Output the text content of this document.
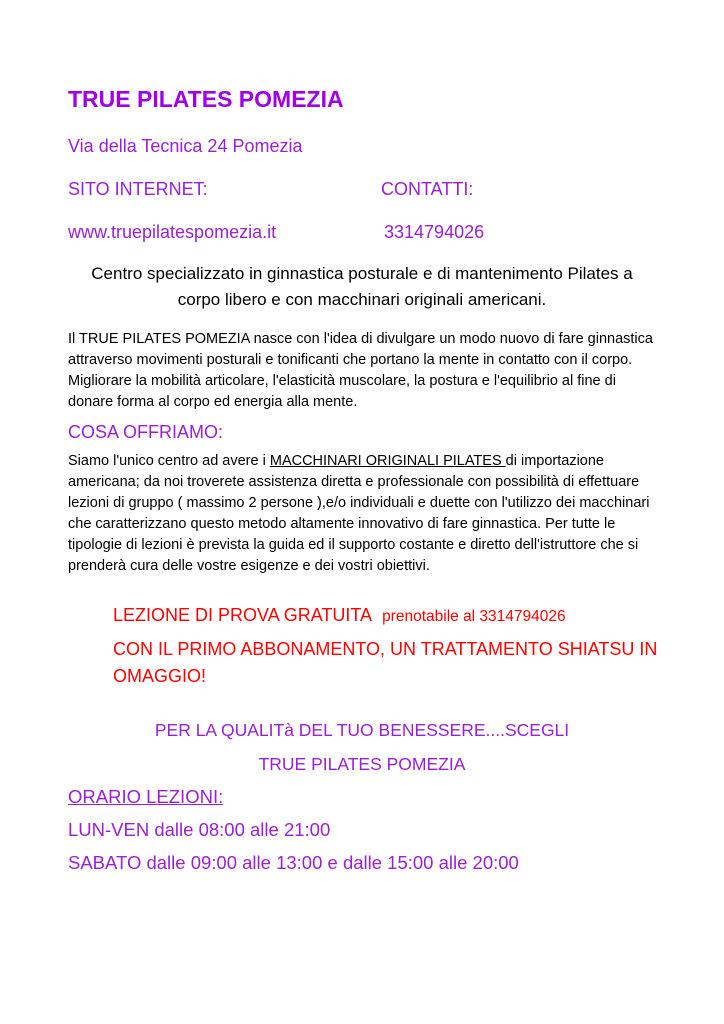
TRUE PILATES POMEZIA
Via della Tecnica 24 Pomezia
SITO INTERNET:	CONTATTI:
www.truepilatespomezia.it	3314794026
Centro specializzato in ginnastica posturale e di mantenimento Pilates a
corpo libero e con macchinari originali americani.
Il TRUE PILATES POMEZIA nasce con l'idea di divulgare un modo nuovo di fare ginnastica attraverso movimenti posturali e tonificanti che portano la mente in contatto con il corpo. Migliorare la mobilità articolare, l'elasticità muscolare, la postura e l'equilibrio al fine di donare forma al corpo ed energia alla mente.
COSA OFFRIAMO:
Siamo l'unico centro ad avere i MACCHINARI ORIGINALI PILATES di importazione americana; da noi troverete assistenza diretta e professionale con possibilità di effettuare lezioni di gruppo ( massimo 2 persone ),e/o individuali e duette con l'utilizzo dei macchinari che caratterizzano questo metodo altamente innovativo di fare ginnastica. Per tutte le tipologie di lezioni è prevista la guida ed il supporto costante e diretto dell'istruttore che si prenderà cura delle vostre esigenze e dei vostri obiettivi.
LEZIONE DI PROVA GRATUITA prenotabile al 3314794026
CON IL PRIMO ABBONAMENTO, UN TRATTAMENTO SHIATSU IN OMAGGIO!
PER LA QUALITà DEL TUO BENESSERE....SCEGLI
TRUE PILATES POMEZIA
ORARIO LEZIONI:
LUN-VEN dalle 08:00 alle 21:00
SABATO dalle 09:00 alle 13:00 e dalle 15:00 alle 20:00
